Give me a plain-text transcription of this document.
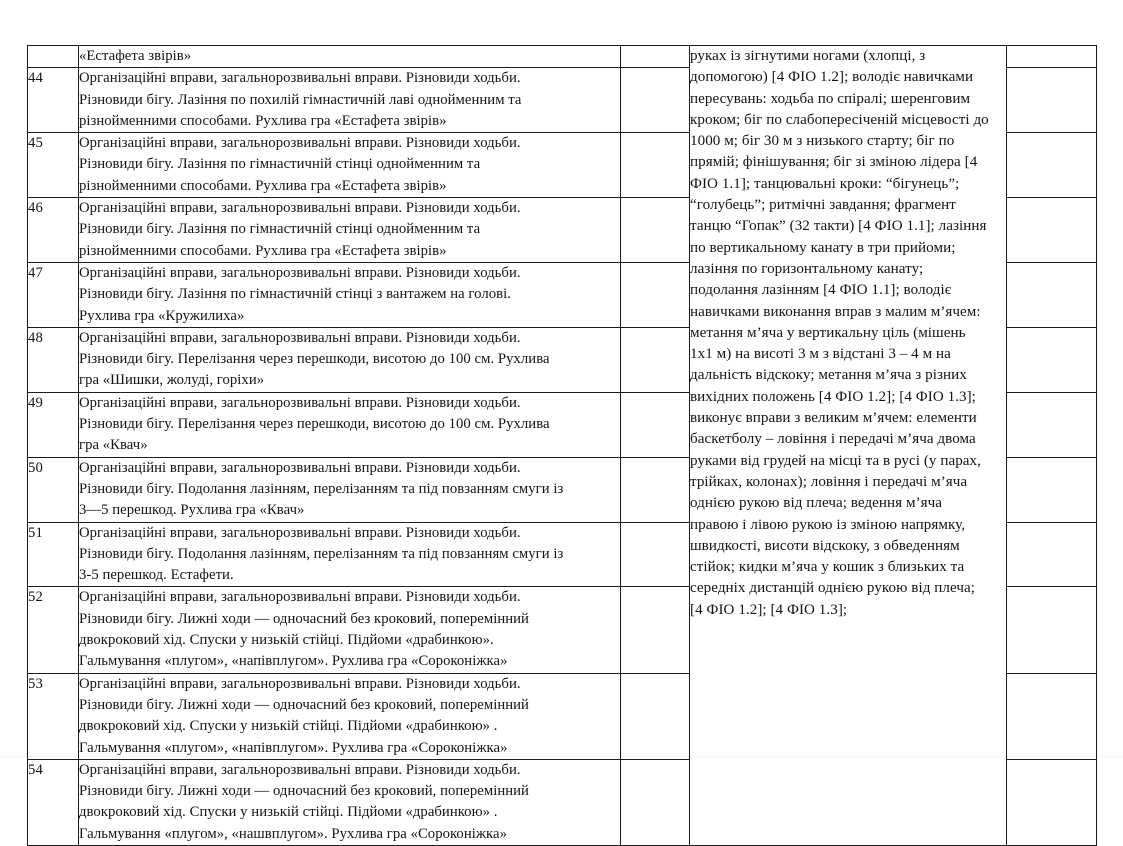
«Естафета звірів»		руках із зігнутими ногами (хлопці, з
допомогою) [4 ФІО 1.2]; володіє навичками
пересувань: ходьба по спіралі; шеренговим
кроком; біг по слабопересіченій місцевості до
1000 м; біг 30 м з низького старту; біг по
прямій; фінішування; біг зі зміною лідера [4
ФІО 1.1]; танцювальні кроки: “бігунець”;
“голубець”; ритмічні завдання; фрагмент
танцю “Гопак” (32 такти) [4 ФІО 1.1]; лазіння
по вертикальному канату в три прийоми;
лазіння по горизонтальному канату;
подолання лазінням [4 ФІО 1.1]; володіє
навичками виконання вправ з малим м’ячем:
метання м’яча у вертикальну ціль (мішень
1х1 м) на висоті 3 м з відстані 3 – 4 м на
дальність відскоку; метання м’яча з різних
вихідних положень [4 ФІО 1.2]; [4 ФІО 1.3];
виконує вправи з великим м’ячем: елементи
баскетболу – ловіння і передачі м’яча двома
руками від грудей на місці та в русі (у парах,
трійках, колонах); ловіння і передачі м’яча
однією рукою від плеча; ведення м’яча
правою і лівою рукою із зміною напрямку,
швидкості, висоти відскоку, з обведенням
стійок; кидки м’яча у кошик з близьких та
середніх дистанцій однією рукою від плеча;
[4 ФІО 1.2]; [4 ФІО 1.3];

44	Організаційні вправи, загальнорозвивальні вправи. Різновиди ходьби.
Різновиди бігу. Лазіння по похилій гімнастичній лаві однойменним та
різнойменними способами. Рухлива гра «Естафета звірів»			

45	Організаційні вправи, загальнорозвивальні вправи. Різновиди ходьби.
Різновиди бігу. Лазіння по гімнастичній стінці однойменним та
різнойменними способами. Рухлива гра «Естафета звірів»			

46	Організаційні вправи, загальнорозвивальні вправи. Різновиди ходьби.
Різновиди бігу. Лазіння по гімнастичній стінці однойменним та
різнойменними способами. Рухлива гра «Естафета звірів»			

47	Організаційні вправи, загальнорозвивальні вправи. Різновиди ходьби.
Різновиди бігу. Лазіння по гімнастичній стінці з вантажем на голові.
Рухлива гра «Кружилиха»			

48	Організаційні вправи, загальнорозвивальні вправи. Різновиди ходьби.
Різновиди бігу. Перелізання через перешкоди, висотою до 100 см. Рухлива
гра «Шишки, жолуді, горіхи»			

49	Організаційні вправи, загальнорозвивальні вправи. Різновиди ходьби.
Різновиди бігу. Перелізання через перешкоди, висотою до 100 см. Рухлива
гра «Квач»			

50	Організаційні вправи, загальнорозвивальні вправи. Різновиди ходьби.
Різновиди бігу. Подолання лазінням, перелізанням та під повзанням смуги із
3—5 перешкод. Рухлива гра «Квач»			

51	Організаційні вправи, загальнорозвивальні вправи. Різновиди ходьби.
Різновиди бігу. Подолання лазінням, перелізанням та під повзанням смуги із
3-5 перешкод. Естафети.			

52	Організаційні вправи, загальнорозвивальні вправи. Різновиди ходьби.
Різновиди бігу. Лижні ходи — одночасний без кроковий, поперемінний
двокроковий хід. Спуски у низькій стійці. Підйоми «драбинкою».
Гальмування «плугом», «напівплугом». Рухлива гра «Сороконіжка»			

53	Організаційні вправи, загальнорозвивальні вправи. Різновиди ходьби.
Різновиди бігу. Лижні ходи — одночасний без кроковий, поперемінний
двокроковий хід. Спуски у низькій стійці. Підйоми «драбинкою» .
Гальмування «плугом», «напівплугом». Рухлива гра «Сороконіжка»			

54	Організаційні вправи, загальнорозвивальні вправи. Різновиди ходьби.
Різновиди бігу. Лижні ходи — одночасний без кроковий, поперемінний
двокроковий хід. Спуски у низькій стійці. Підйоми «драбинкою» .
Гальмування «плугом», «нашвплугом». Рухлива гра «Сороконіжка»			
